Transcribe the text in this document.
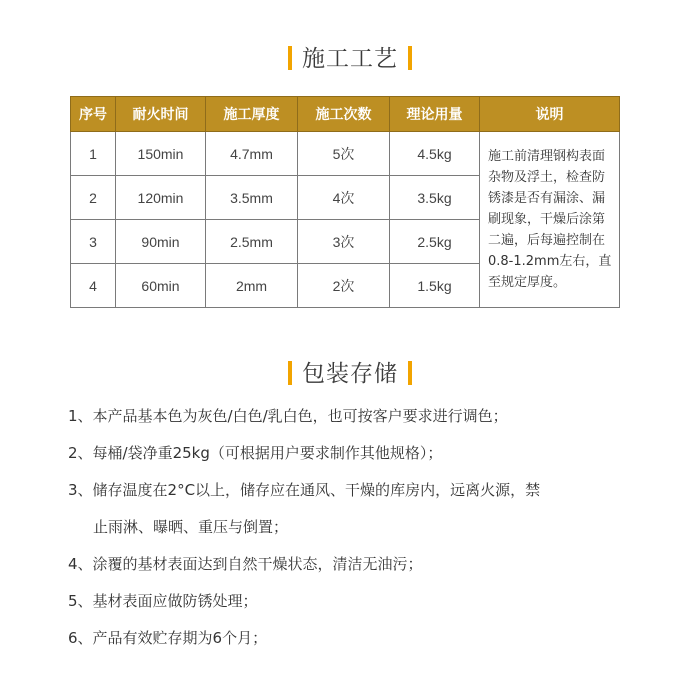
施工工艺
序号	耐火时间	施工厚度	施工次数	理论用量	说明
1	150min	4.7mm	5次	4.5kg	施工前清理钢构表面杂物及浮土，检查防锈漆是否有漏涂、漏刷现象，干燥后涂第二遍，后每遍控制在0.8-1.2mm左右，直至规定厚度。
2	120min	3.5mm	4次	3.5kg	
3	90min	2.5mm	3次	2.5kg	
4	60min	2mm	2次	1.5kg	
包装存储
1、本产品基本色为灰色/白色/乳白色，也可按客户要求进行调色；
2、每桶/袋净重25kg（可根据用户要求制作其他规格）；
3、储存温度在2°C以上，储存应在通风、干燥的库房内，远离火源，禁
止雨淋、曝晒、重压与倒置；
4、涂覆的基材表面达到自然干燥状态，清洁无油污；
5、基材表面应做防锈处理；
6、产品有效贮存期为6个月；
